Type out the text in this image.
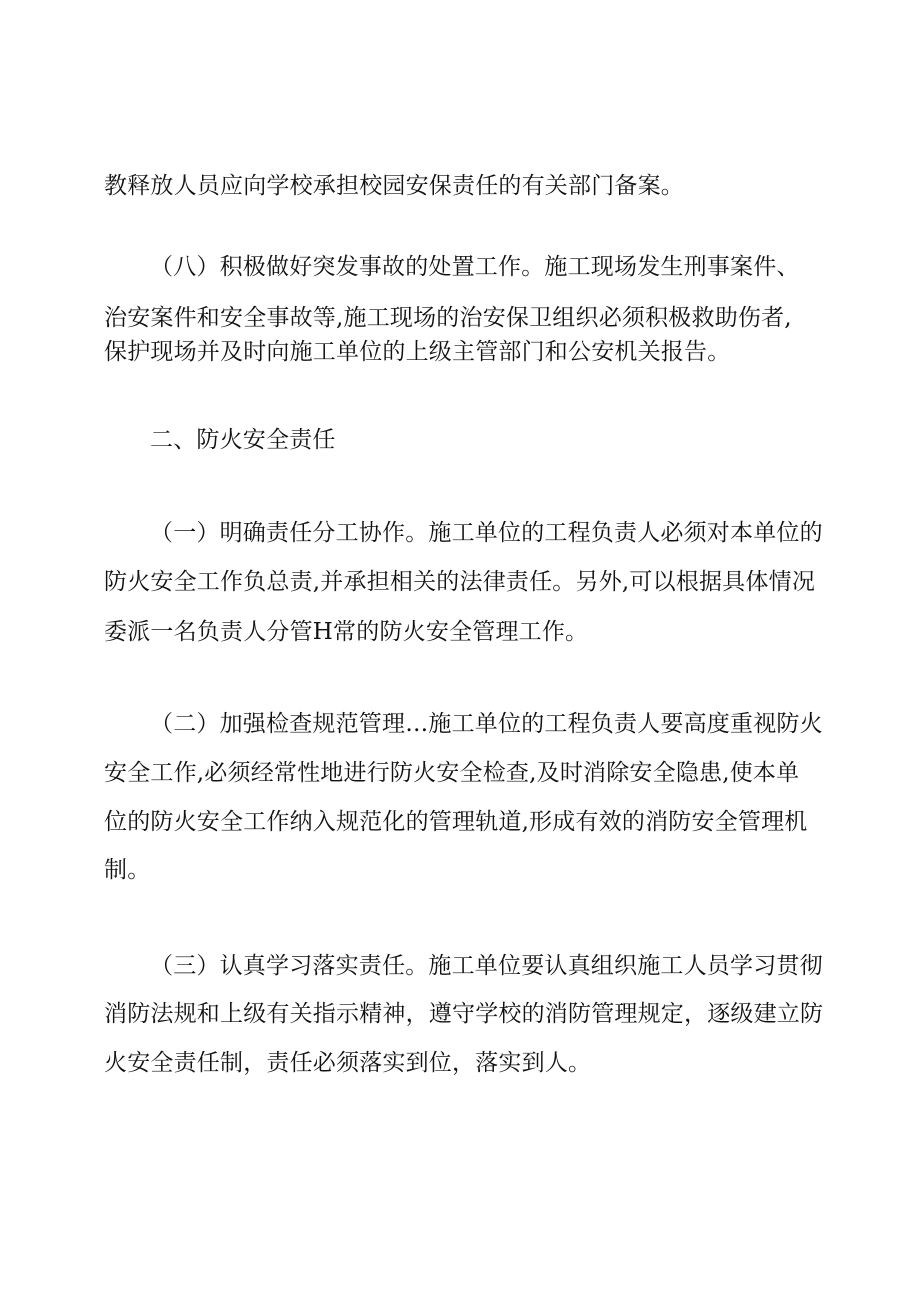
教释放人员应向学校承担校园安保责任的有关部门备案。
（八）积极做好突发事故的处置工作。施工现场发生刑事案件、
治安案件和安全事故等,施工现场的治安保卫组织必须积极救助伤者,
保护现场并及时向施工单位的上级主管部门和公安机关报告。
二、防火安全责任
（一）明确责任分工协作。施工单位的工程负责人必须对本单位的
防火安全工作负总责,并承担相关的法律责任。另外,可以根据具体情况
委派一名负责人分管H常的防火安全管理工作。
（二）加强检查规范管理…施工单位的工程负责人要高度重视防火
安全工作,必须经常性地进行防火安全检查,及时消除安全隐患,使本单
位的防火安全工作纳入规范化的管理轨道,形成有效的消防安全管理机
制。
（三）认真学习落实责任。施工单位要认真组织施工人员学习贯彻
消防法规和上级有关指示精神，遵守学校的消防管理规定，逐级建立防
火安全责任制，责任必须落实到位，落实到人。
